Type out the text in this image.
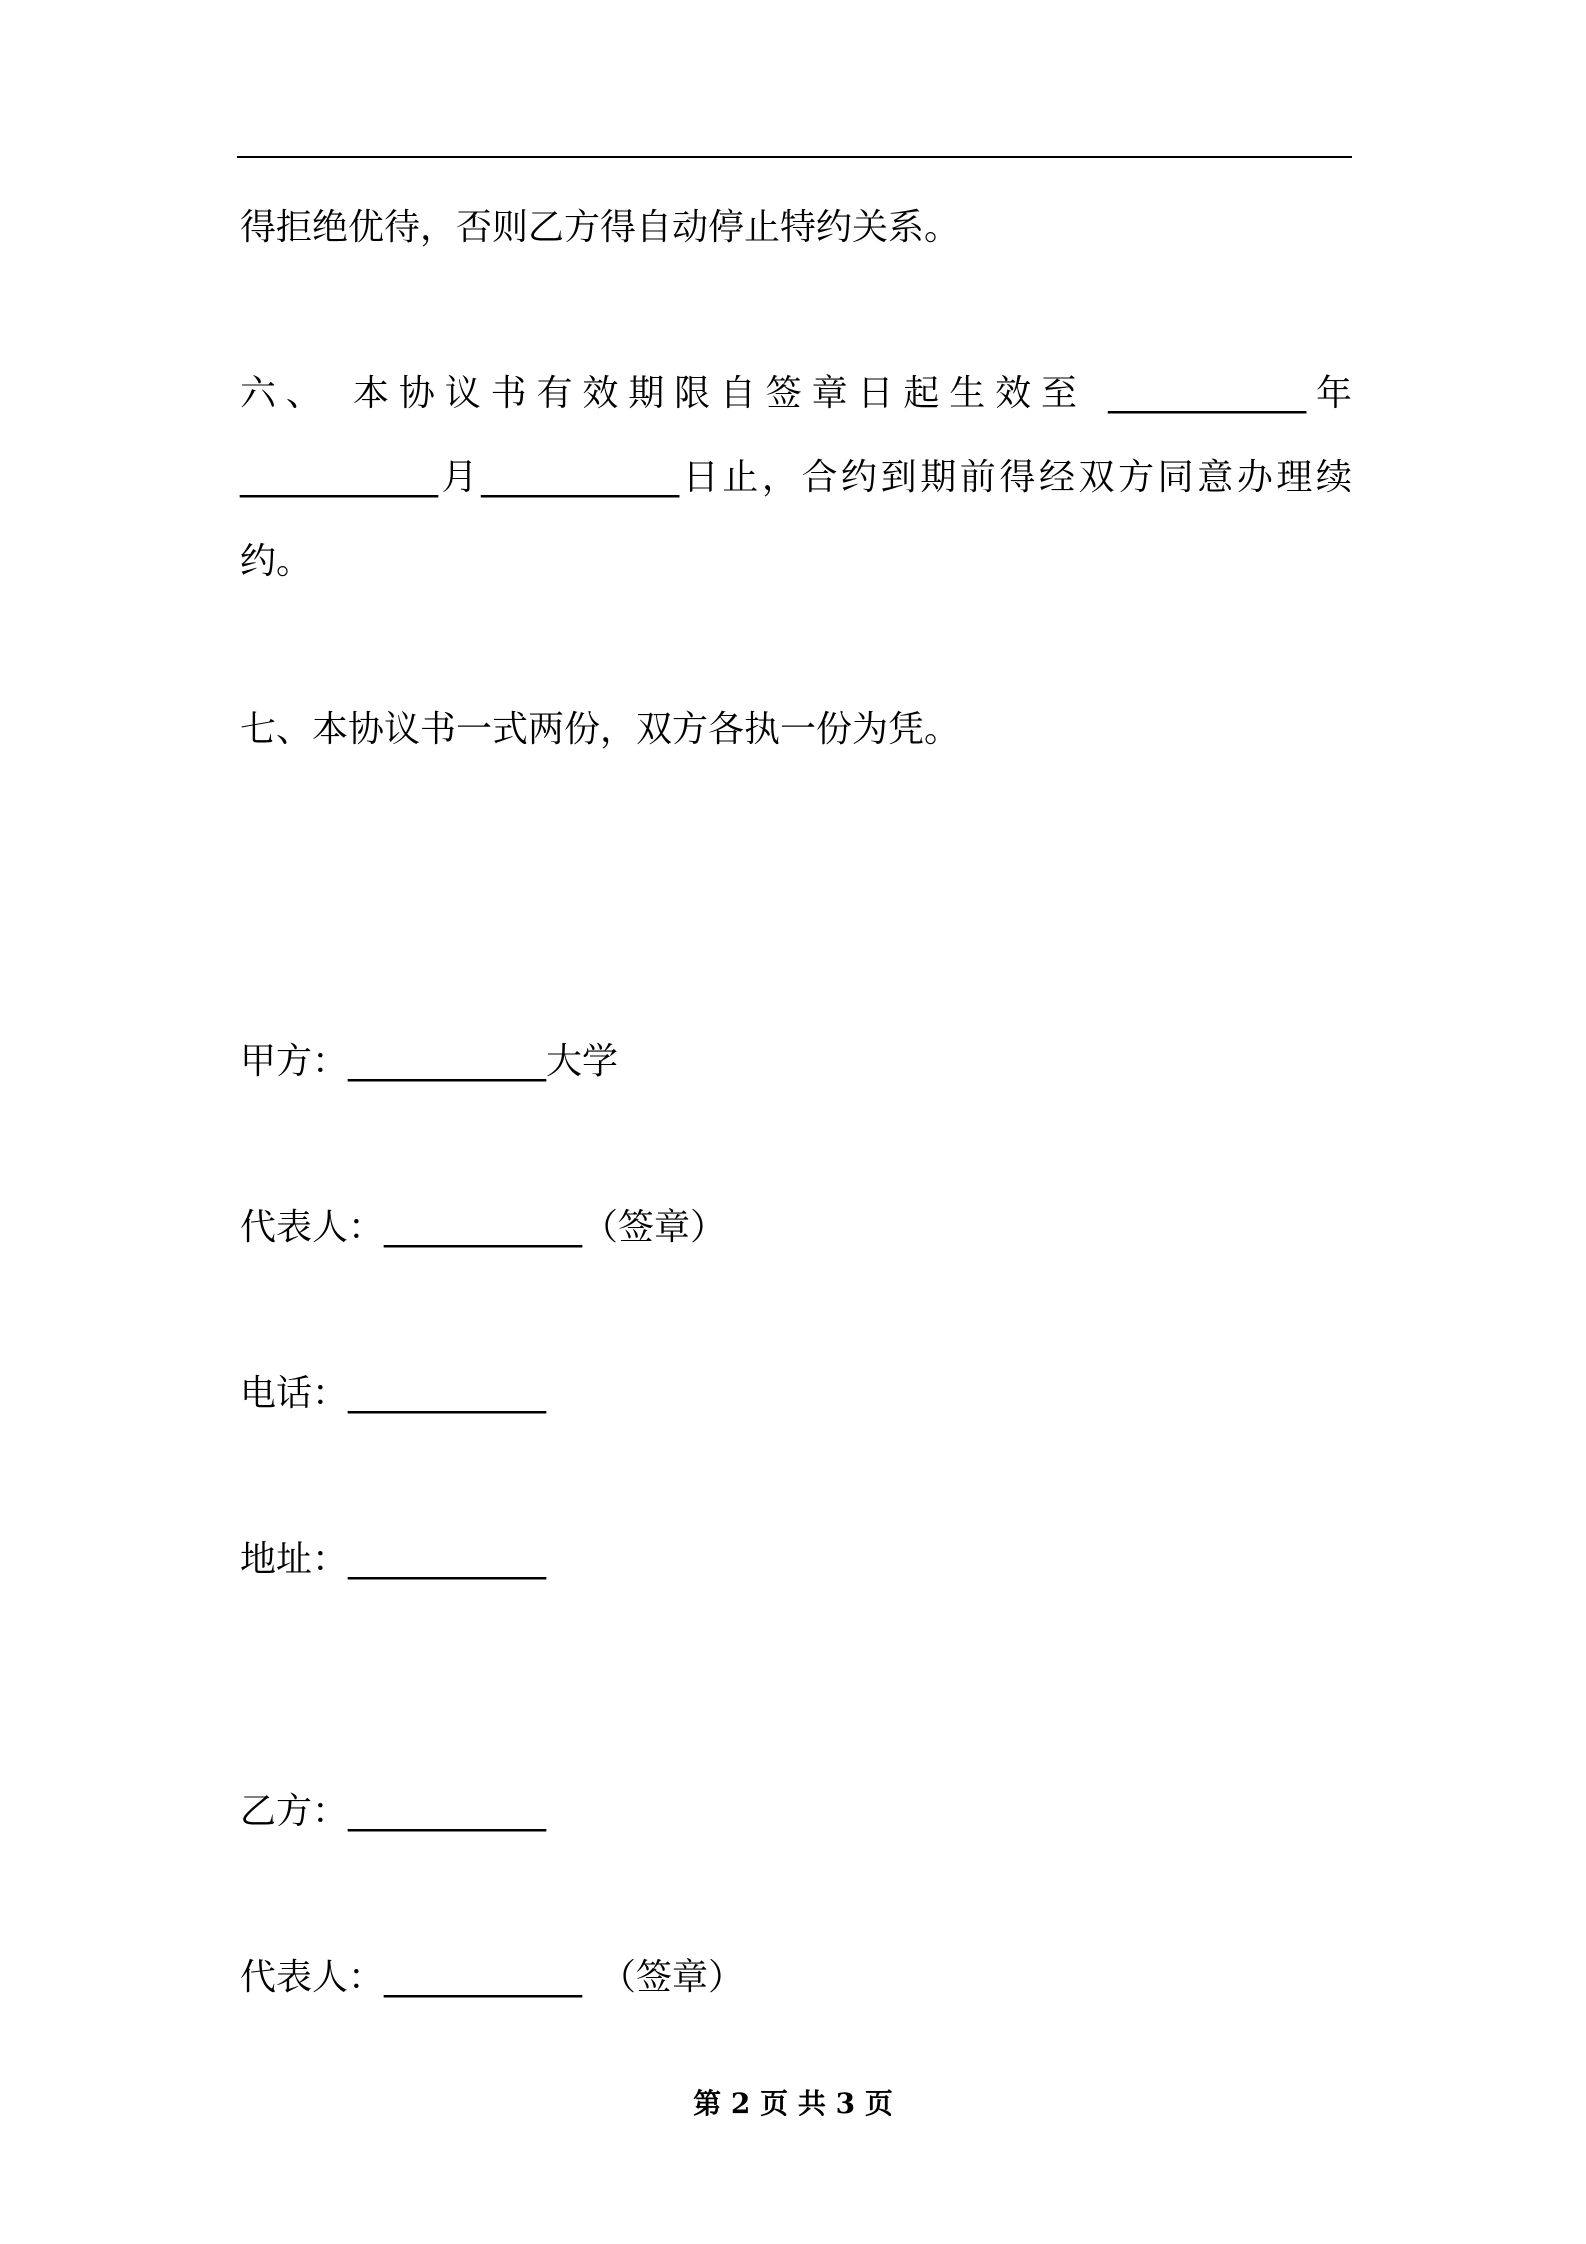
得拒绝优待，否则乙方得自动停止特约关系。
六、 本协议书有效期限自签章日起生效至 ___________年
___________月___________日止，合约到期前得经双方同意办理续
约。
七、本协议书一式两份，双方各执一份为凭。
甲方：___________大学
代表人：___________（签章）
电话：___________
地址：___________
乙方：___________
代表人：___________　（签章）
第 2 页 共 3 页
